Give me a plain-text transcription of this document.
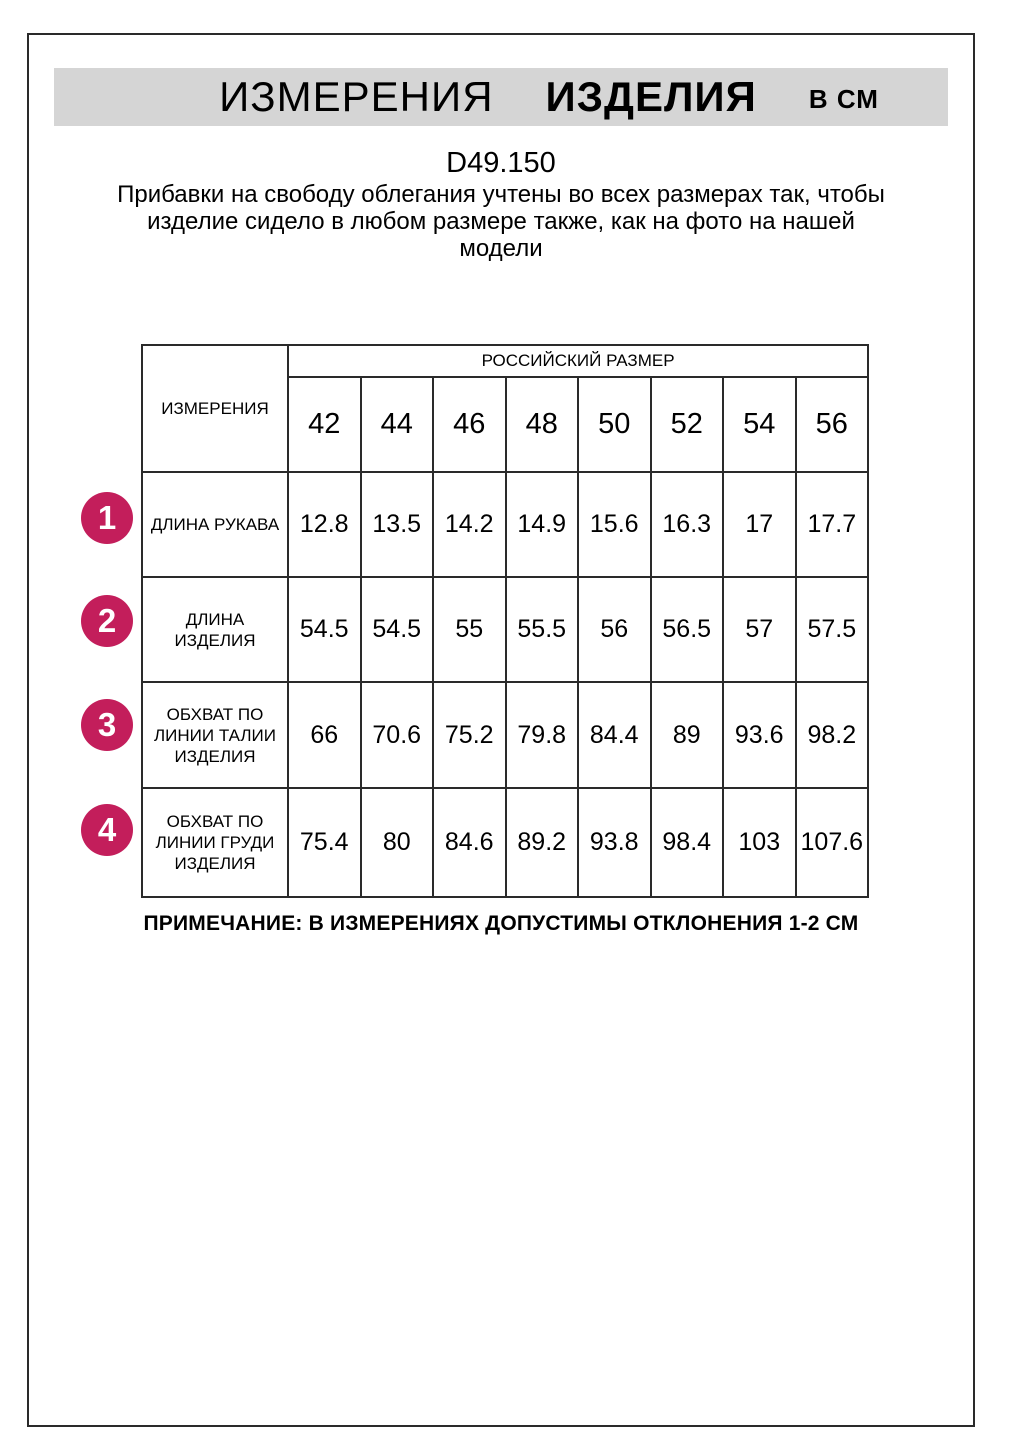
ИЗМЕРЕНИЯ ИЗДЕЛИЯ В СМ
D49.150
Прибавки на свободу облегания учтены во всех размерах так, чтобы
изделие сидело в любом размере также, как на фото на нашей
модели
ИЗМЕРЕНИЯ	РОССИЙСКИЙ РАЗМЕР							
	42	44	46	48	50	52	54	56
ДЛИНА РУКАВА	12.8	13.5	14.2	14.9	15.6	16.3	17	17.7
ДЛИНА
ИЗДЕЛИЯ	54.5	54.5	55	55.5	56	56.5	57	57.5
ОБХВАТ ПО
ЛИНИИ ТАЛИИ
ИЗДЕЛИЯ	66	70.6	75.2	79.8	84.4	89	93.6	98.2
ОБХВАТ ПО
ЛИНИИ ГРУДИ
ИЗДЕЛИЯ	75.4	80	84.6	89.2	93.8	98.4	103	107.6
1
2
3
4
ПРИМЕЧАНИЕ: В ИЗМЕРЕНИЯХ ДОПУСТИМЫ ОТКЛОНЕНИЯ 1-2 СМ
